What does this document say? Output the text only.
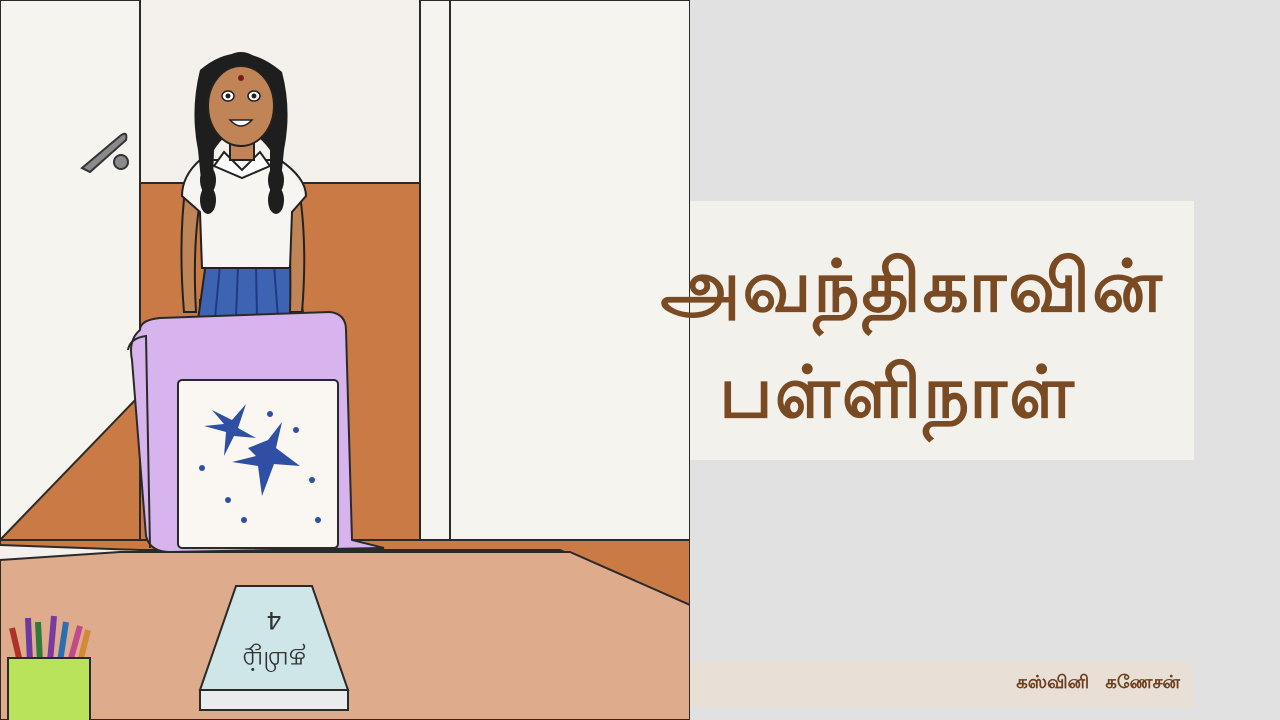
4
தமிழ்
அவந்திகாவின்
பள்ளிநாள்
கஸ்வினி கணேசன்
